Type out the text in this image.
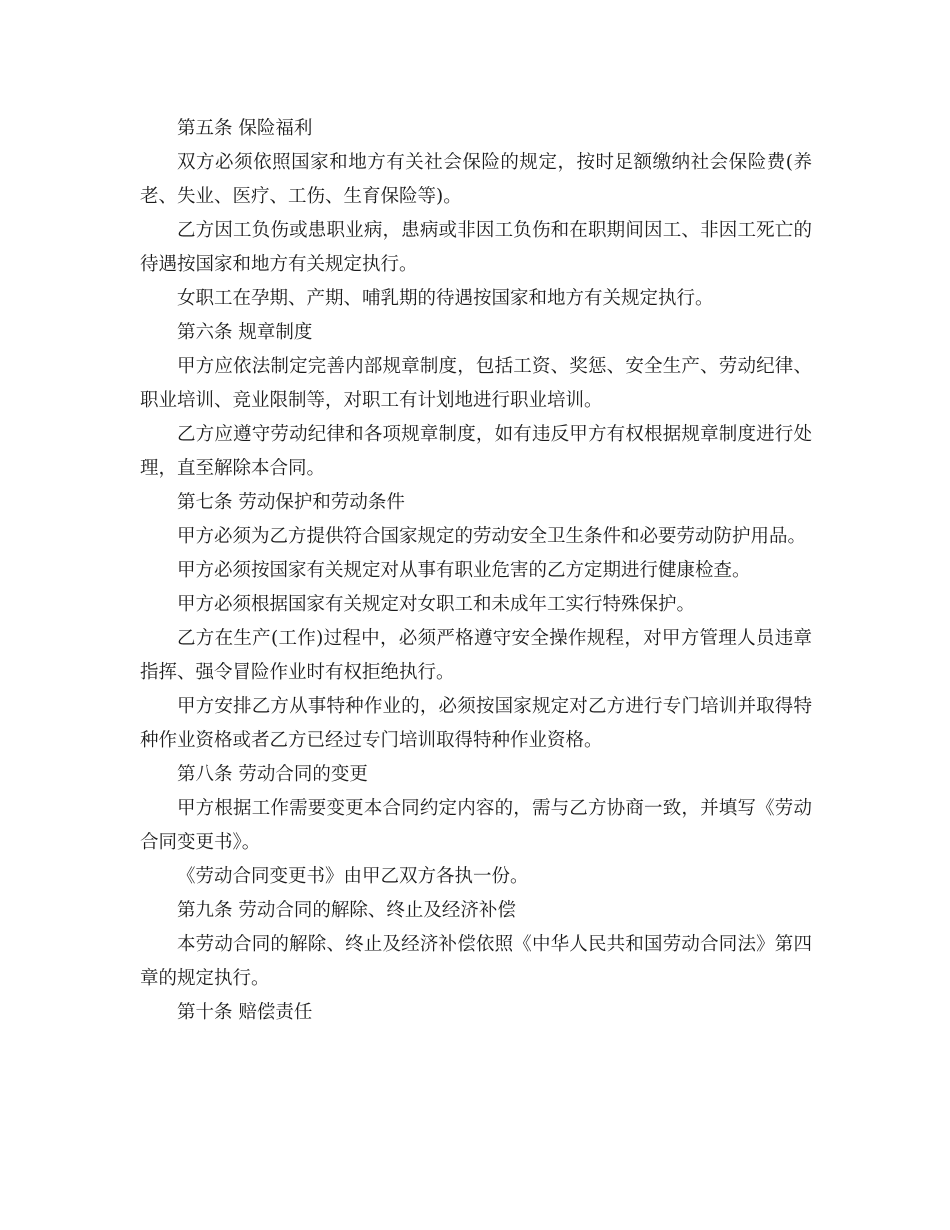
第五条 保险福利

双方必须依照国家和地方有关社会保险的规定，按时足额缴纳社会保险费(养老、失业、医疗、工伤、生育保险等)。

乙方因工负伤或患职业病，患病或非因工负伤和在职期间因工、非因工死亡的待遇按国家和地方有关规定执行。

女职工在孕期、产期、哺乳期的待遇按国家和地方有关规定执行。

第六条 规章制度

甲方应依法制定完善内部规章制度，包括工资、奖惩、安全生产、劳动纪律、职业培训、竞业限制等，对职工有计划地进行职业培训。

乙方应遵守劳动纪律和各项规章制度，如有违反甲方有权根据规章制度进行处理，直至解除本合同。

第七条 劳动保护和劳动条件

甲方必须为乙方提供符合国家规定的劳动安全卫生条件和必要劳动防护用品。

甲方必须按国家有关规定对从事有职业危害的乙方定期进行健康检查。

甲方必须根据国家有关规定对女职工和未成年工实行特殊保护。

乙方在生产(工作)过程中，必须严格遵守安全操作规程，对甲方管理人员违章指挥、强令冒险作业时有权拒绝执行。

甲方安排乙方从事特种作业的，必须按国家规定对乙方进行专门培训并取得特种作业资格或者乙方已经过专门培训取得特种作业资格。

第八条 劳动合同的变更

甲方根据工作需要变更本合同约定内容的，需与乙方协商一致，并填写《劳动合同变更书》。

《劳动合同变更书》由甲乙双方各执一份。

第九条 劳动合同的解除、终止及经济补偿

本劳动合同的解除、终止及经济补偿依照《中华人民共和国劳动合同法》第四章的规定执行。

第十条 赔偿责任
